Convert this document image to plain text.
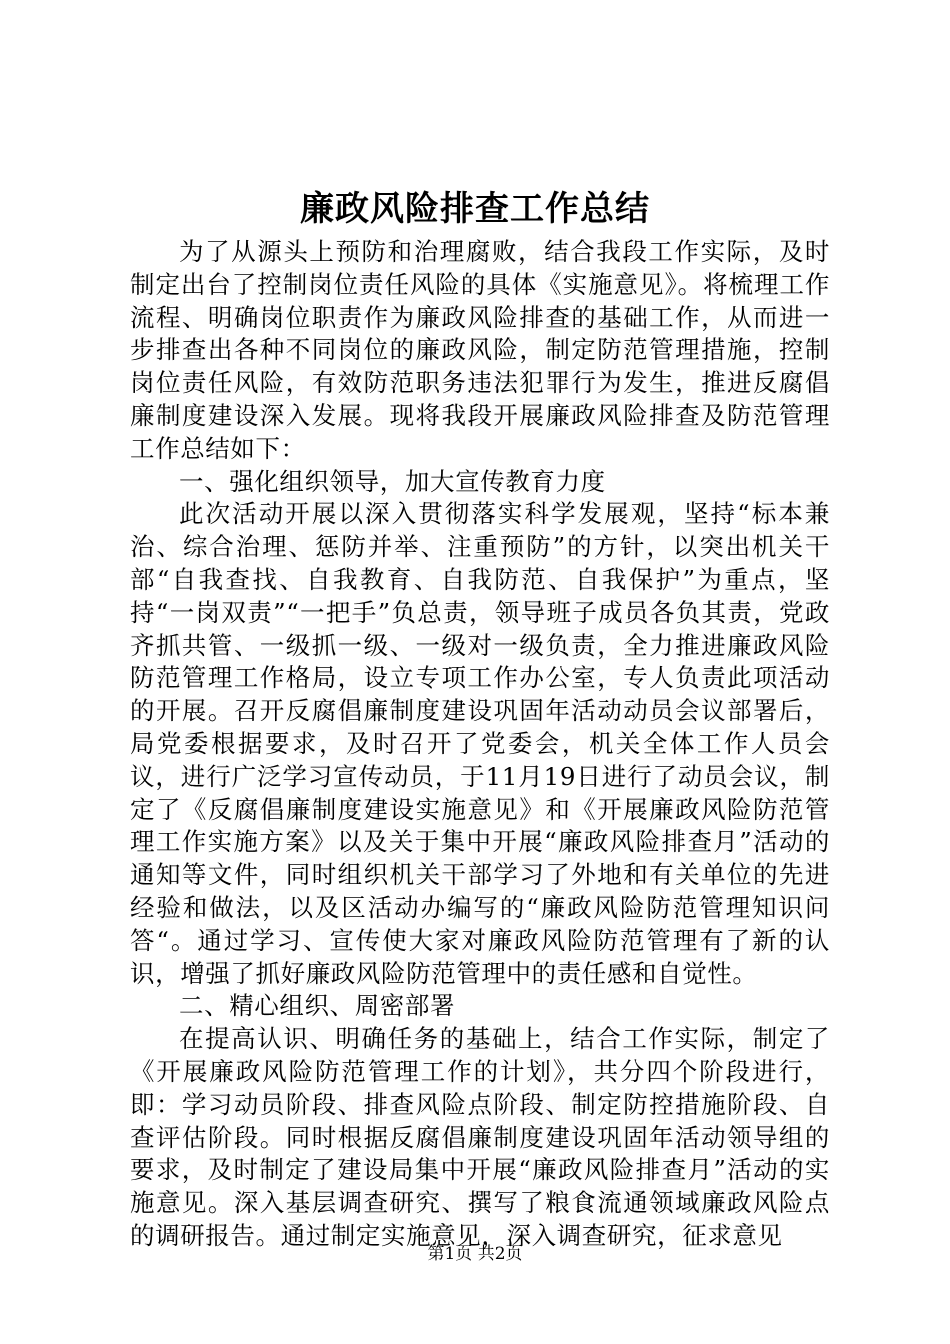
廉政风险排查工作总结

为了从源头上预防和治理腐败，结合我段工作实际，及时制定出台了控制岗位责任风险的具体《实施意见》。将梳理工作流程、明确岗位职责作为廉政风险排查的基础工作，从而进一步排查出各种不同岗位的廉政风险，制定防范管理措施，控制岗位责任风险，有效防范职务违法犯罪行为发生，推进反腐倡廉制度建设深入发展。现将我段开展廉政风险排查及防范管理工作总结如下：

一、强化组织领导，加大宣传教育力度

此次活动开展以深入贯彻落实科学发展观，坚持“标本兼治、综合治理、惩防并举、注重预防”的方针，以突出机关干部“自我查找、自我教育、自我防范、自我保护”为重点，坚持“一岗双责”“一把手”负总责，领导班子成员各负其责，党政齐抓共管、一级抓一级、一级对一级负责，全力推进廉政风险防范管理工作格局，设立专项工作办公室，专人负责此项活动的开展。召开反腐倡廉制度建设巩固年活动动员会议部署后，局党委根据要求，及时召开了党委会，机关全体工作人员会议，进行广泛学习宣传动员，于11月19日进行了动员会议，制定了《反腐倡廉制度建设实施意见》和《开展廉政风险防范管理工作实施方案》以及关于集中开展“廉政风险排查月”活动的通知等文件，同时组织机关干部学习了外地和有关单位的先进经验和做法，以及区活动办编写的“廉政风险防范管理知识问答“。通过学习、宣传使大家对廉政风险防范管理有了新的认识，增强了抓好廉政风险防范管理中的责任感和自觉性。

二、精心组织、周密部署

在提高认识、明确任务的基础上，结合工作实际，制定了《开展廉政风险防范管理工作的计划》，共分四个阶段进行，即：学习动员阶段、排查风险点阶段、制定防控措施阶段、自查评估阶段。同时根据反腐倡廉制度建设巩固年活动领导组的要求，及时制定了建设局集中开展“廉政风险排查月”活动的实施意见。深入基层调查研究、撰写了粮食流通领域廉政风险点的调研报告。通过制定实施意见，深入调查研究，征求意见

第1页 共2页
